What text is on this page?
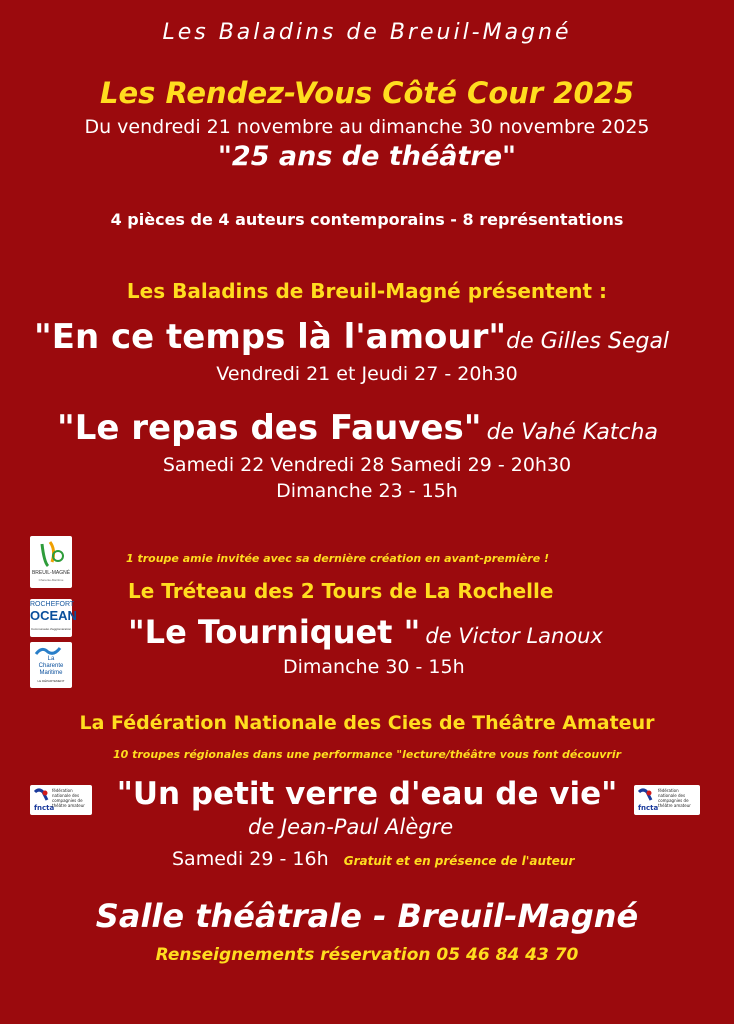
Les Baladins de Breuil-Magné
Les Rendez-Vous Côté Cour 2025
Du vendredi 21 novembre au dimanche 30 novembre 2025
"25 ans de théâtre"
4 pièces de 4 auteurs contemporains - 8 représentations
Les Baladins de Breuil-Magné présentent :
"En ce temps là l'amour"de Gilles Segal
Vendredi 21 et Jeudi 27 - 20h30
"Le repas des Fauves" de Vahé Katcha
Samedi 22 Vendredi 28 Samedi 29 - 20h30
Dimanche 23 - 15h
BREUIL-MAGNÉ
Charente-Maritime
ROCHEFORT
OCEAN
Communauté d'agglomération
La
Charente
Maritime
LE DÉPARTEMENT
1 troupe amie invitée avec sa dernière création en avant-première !
Le Tréteau des 2 Tours de La Rochelle
"Le Tourniquet " de Victor Lanoux
Dimanche 30 - 15h
La Fédération Nationale des Cies de Théâtre Amateur
10 troupes régionales dans une performance "lecture/théâtre vous font découvrir
fncta
fédération nationale des compagnies de théâtre amateur	fncta
fédération nationale des compagnies de théâtre amateur
"Un petit verre d'eau de vie"
de Jean-Paul Alègre
Samedi 29 - 16h Gratuit et en présence de l'auteur
Salle théâtrale - Breuil-Magné
Renseignements réservation 05 46 84 43 70
